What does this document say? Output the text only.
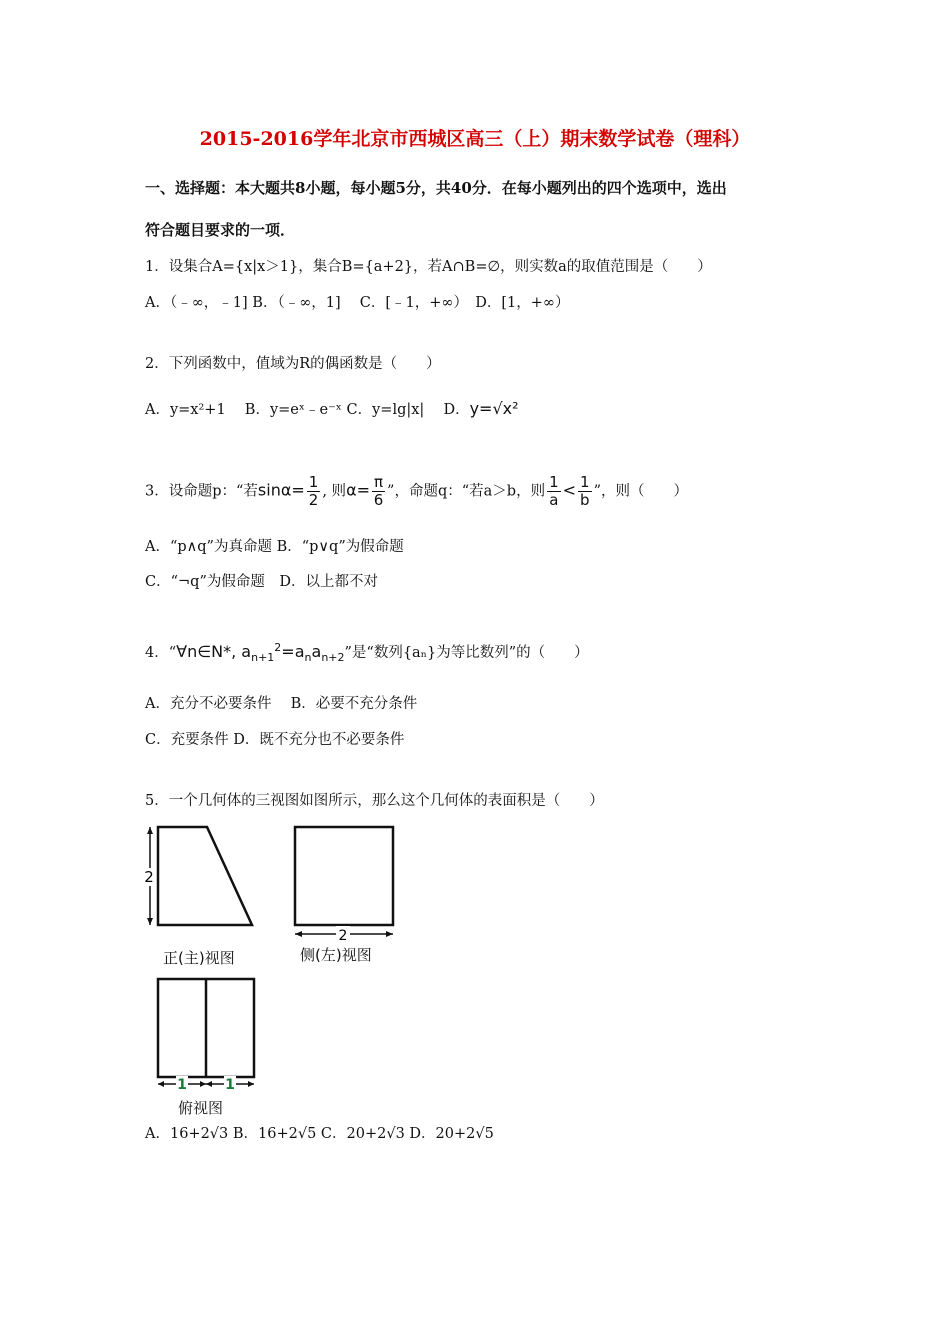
2015-2016学年北京市西城区高三（上）期末数学试卷（理科）
一、选择题：本大题共8小题，每小题5分，共40分．在每小题列出的四个选项中，选出
符合题目要求的一项．
1．设集合A={x|x＞1}，集合B={a+2}，若A∩B=∅，则实数a的取值范围是（　　）
A．（﹣∞，﹣1] B．（﹣∞，1]　 C．[﹣1，+∞）　D．[1，+∞）
2．下列函数中，值域为R的偶函数是（　　）
A．y=x²+1　 B．y=eˣ﹣e⁻ˣ C．y=lg|x|　 D．y=√x²
3．设命题p：“若$\sin\alpha= \frac{1}{2}$ , 则$\alpha= \frac{\pi}{6}$ ”，命题q：“若a＞b，则 $\frac{1}{a} < \frac{1}{b}$ ”，则（　　）
A．“p∧q”为真命题 B．“p∨q”为假命题
C．“¬q”为假命题　D．以上都不对
4．“∀n∈N*, $a_{n+1}^2=a_na_{n+2}$”是“数列{aₙ}为等比数列”的（　　）
A．充分不必要条件　 B．必要不充分条件
C．充要条件 D．既不充分也不必要条件
5．一个几何体的三视图如图所示，那么这个几何体的表面积是（　　）
2
2
1	1
正(主)视图	侧(左)视图
俯视图
A．16+2√3 B．16+2√5 C．20+2√3 D．20+2√5
